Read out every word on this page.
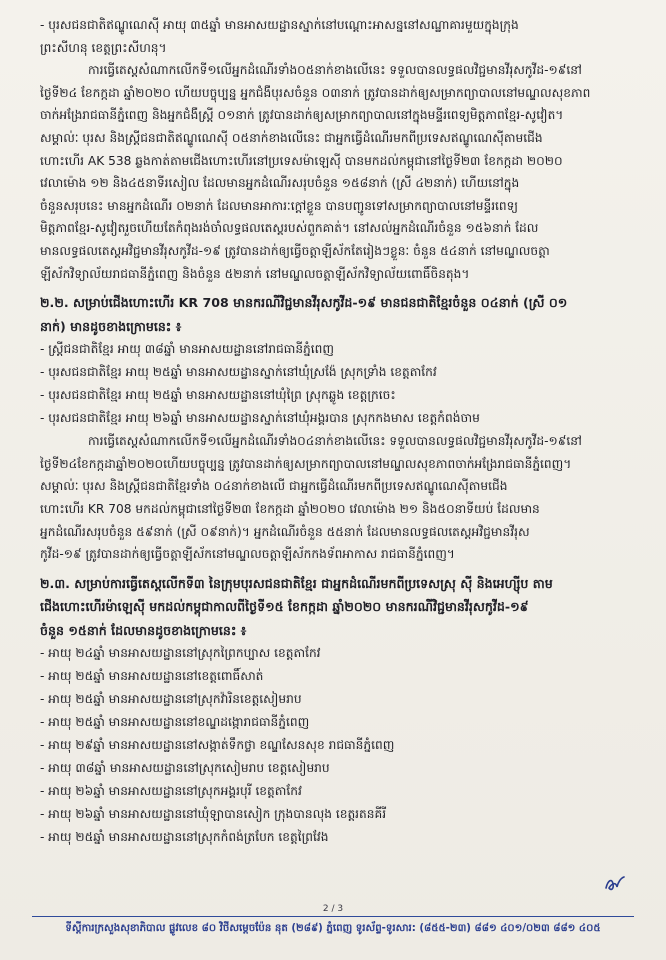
- បុរសជនជាតិឥណ្ឌូណេស៊ី អាយុ ៣៥ឆ្នាំ មានអាសយដ្ឋានស្នាក់នៅបណ្ដោះអាសន្ននៅសណ្ឋាគារមួយក្នុងក្រុង
ព្រះសីហនុ ខេត្តព្រះសីហនុ។
ការធ្វើតេស្តសំណាកលើកទី១លើអ្នកដំណើរទាំង០៥នាក់ខាងលើនេះ ទទួលបានលទ្ធផលវិជ្ជមានវីរុសកូវីដ-១៩នៅ
ថ្ងៃទី២៤ ខែកក្កដា ឆ្នាំ២០២០ ហើយបច្ចុប្បន្ន អ្នកជំងឺបុរសចំនួន ០៣នាក់ ត្រូវបានដាក់ឲ្យសម្រាកព្យាបាលនៅមណ្ឌលសុខភាព
ចាក់អង្រែរាជធានីភ្នំពេញ និងអ្នកជំងឺស្ត្រី ០១នាក់ ត្រូវបានដាក់ឲ្យសម្រាកព្យាបាលនៅក្នុងមន្ទីរពេទ្យមិត្តភាពខ្មែរ-សូវៀត។
សម្គាល់ៈ បុរស និងស្ត្រីជនជាតិឥណ្ឌូណេស៊ី ០៥នាក់ខាងលើនេះ ជាអ្នកធ្វើដំណើរមកពីប្រទេសឥណ្ឌូណេស៊ីតាមជើង
ហោះហើរ AK 538 ឆ្លងកាត់តាមជើងហោះហើរនៅប្រទេសម៉ាឡេស៊ី បានមកដល់កម្ពុជានៅថ្ងៃទី២៣ ខែកក្កដា ២០២០
វេលាម៉ោង ១២ និង៤៥នាទីរសៀល ដែលមានអ្នកដំណើរសរុបចំនួន ១៥៨នាក់ (ស្រី ៤២នាក់) ហើយនៅក្នុង
ចំនួនសរុបនេះ មានអ្នកដំណើរ ០២នាក់ ដែលមានអាការៈក្ដៅខ្លួន បានបញ្ជូនទៅសម្រាកព្យាបាលនៅមន្ទីរពេទ្យ
មិត្តភាពខ្មែរ-សូវៀតរួចហើយតែកំពុងរង់ចាំលទ្ធផលតេស្តរបស់ពួកគាត់។ នៅសល់អ្នកដំណើរចំនួន ១៥៦នាក់ ដែល
មានលទ្ធផលតេស្តអវិជ្ជមានវីរុសកូវីដ-១៩ ត្រូវបានដាក់ឲ្យធ្វើចត្តាឡីស័កតែរៀងៗខ្លួនៈ ចំនួន ៥៤នាក់ នៅមណ្ឌលចត្តា
ឡីស័កវិទ្យាល័យរាជធានីភ្នំពេញ និងចំនួន ៥២នាក់ នៅមណ្ឌលចត្តាឡីស័កវិទ្យាល័យពោធិ៍ចិនតុង។
២.២. សម្រាប់ជើងហោះហើរ KR 708 មានករណីវិជ្ជមានវីរុសកូវីដ-១៩ មានជនជាតិខ្មែរចំនួន ០៤នាក់ (ស្រី ០១
នាក់) មានដូចខាងក្រោមនេះ ៖
- ស្ត្រីជនជាតិខ្មែរ អាយុ ៣៨ឆ្នាំ មានអាសយដ្ឋាននៅរាជធានីភ្នំពេញ
- បុរសជនជាតិខ្មែរ អាយុ ២៥ឆ្នាំ មានអាសយដ្ឋានស្នាក់នៅឃុំស្រង៉ែ ស្រុកទ្រាំង ខេត្តតាកែវ
- បុរសជនជាតិខ្មែរ អាយុ ២៥ឆ្នាំ មានអាសយដ្ឋាននៅឃុំព្រៃ ស្រុកឆ្លូង ខេត្តក្រចេះ
- បុរសជនជាតិខ្មែរ អាយុ ២៦ឆ្នាំ មានអាសយដ្ឋានស្នាក់នៅឃុំអង្គរបាន ស្រុកកងមាស ខេត្តកំពង់ចាម
ការធ្វើតេស្តសំណាកលើកទី១លើអ្នកដំណើរទាំង០៤នាក់ខាងលើនេះ ទទួលបានលទ្ធផលវិជ្ជមានវីរុសកូវីដ-១៩នៅ
ថ្ងៃទី២៤ខែកក្កដាឆ្នាំ២០២០ហើយបច្ចុប្បន្ន ត្រូវបានដាក់ឲ្យសម្រាកព្យាបាលនៅមណ្ឌលសុខភាពចាក់អង្រែរាជធានីភ្នំពេញ។
សម្គាល់ៈ បុរស និងស្ត្រីជនជាតិខ្មែរទាំង ០៤នាក់ខាងលើ ជាអ្នកធ្វើដំណើរមកពីប្រទេសឥណ្ឌូណេស៊ីតាមជើង
ហោះហើរ KR 708 មកដល់កម្ពុជានៅថ្ងៃទី២៣ ខែកក្កដា ឆ្នាំ២០២០ វេលាម៉ោង ២១ និង៥០នាទីយប់ ដែលមាន
អ្នកដំណើរសរុបចំនួន ៥៩នាក់ (ស្រី ០៩នាក់)។ អ្នកដំណើរចំនួន ៥៥នាក់ ដែលមានលទ្ធផលតេស្តអវិជ្ជមានវីរុស
កូវីដ-១៩ ត្រូវបានដាក់ឲ្យធ្វើចត្តាឡីស័កនៅមណ្ឌលចត្តាឡីស័កកងទ័ពអាកាស រាជធានីភ្នំពេញ។
២.៣. សម្រាប់ការធ្វើតេស្តលើកទី៣ នៃក្រុមបុរសជនជាតិខ្មែរ ជាអ្នកដំណើរមកពីប្រទេសស្រុ ស៊ី និងអេហ្ស៊ីប តាម
ជើងហោះហើរម៉ាឡេស៊ី មកដល់កម្ពុជាកាលពីថ្ងៃទី១៥ ខែកក្កដា ឆ្នាំ២០២០ មានករណីវិជ្ជមានវីរុសកូវីដ-១៩
ចំនួន ១៥នាក់ ដែលមានដូចខាងក្រោមនេះ ៖
- អាយុ ២៤ឆ្នាំ មានអាសយដ្ឋាននៅស្រុកព្រៃកប្បាស ខេត្តតាកែវ
- អាយុ ២៥ឆ្នាំ មានអាសយដ្ឋាននៅខេត្តពោធិ៍សាត់
- អាយុ ២៥ឆ្នាំ មានអាសយដ្ឋាននៅស្រុកវ៉ារិនខេត្តសៀមរាប
- អាយុ ២៥ឆ្នាំ មានអាសយដ្ឋាននៅខណ្ឌដង្កោរាជធានីភ្នំពេញ
- អាយុ ២៩ឆ្នាំ មានអាសយដ្ឋាននៅសង្កាត់ទឹកថ្លា ខណ្ឌសែនសុខ រាជធានីភ្នំពេញ
- អាយុ ៣៨ឆ្នាំ មានអាសយដ្ឋាននៅស្រុកសៀមរាប ខេត្តសៀមរាប
- អាយុ ២៦ឆ្នាំ មានអាសយដ្ឋាននៅស្រុកអង្គរបុរី ខេត្តតាកែវ
- អាយុ ២៦ឆ្នាំ មានអាសយដ្ឋាននៅឃុំឡាបានសៀក ក្រុងបានលុង ខេត្តរតនគីរី
- អាយុ ២៥ឆ្នាំ មានអាសយដ្ឋាននៅស្រុកកំពង់ត្របែក ខេត្តព្រៃវែង
2 / 3
ទីស្តីការក្រសួងសុខាភិបាល ផ្លូវលេខ ៨០ វិថីសម្តេចប៉ែន នុត (២៨៩) ភ្នំពេញ ទូរស័ព្ទ-ទូរសារ: (៨៥៥-២៣) ៨៨១ ៤០១/០២៣ ៨៨១ ៤០៥
